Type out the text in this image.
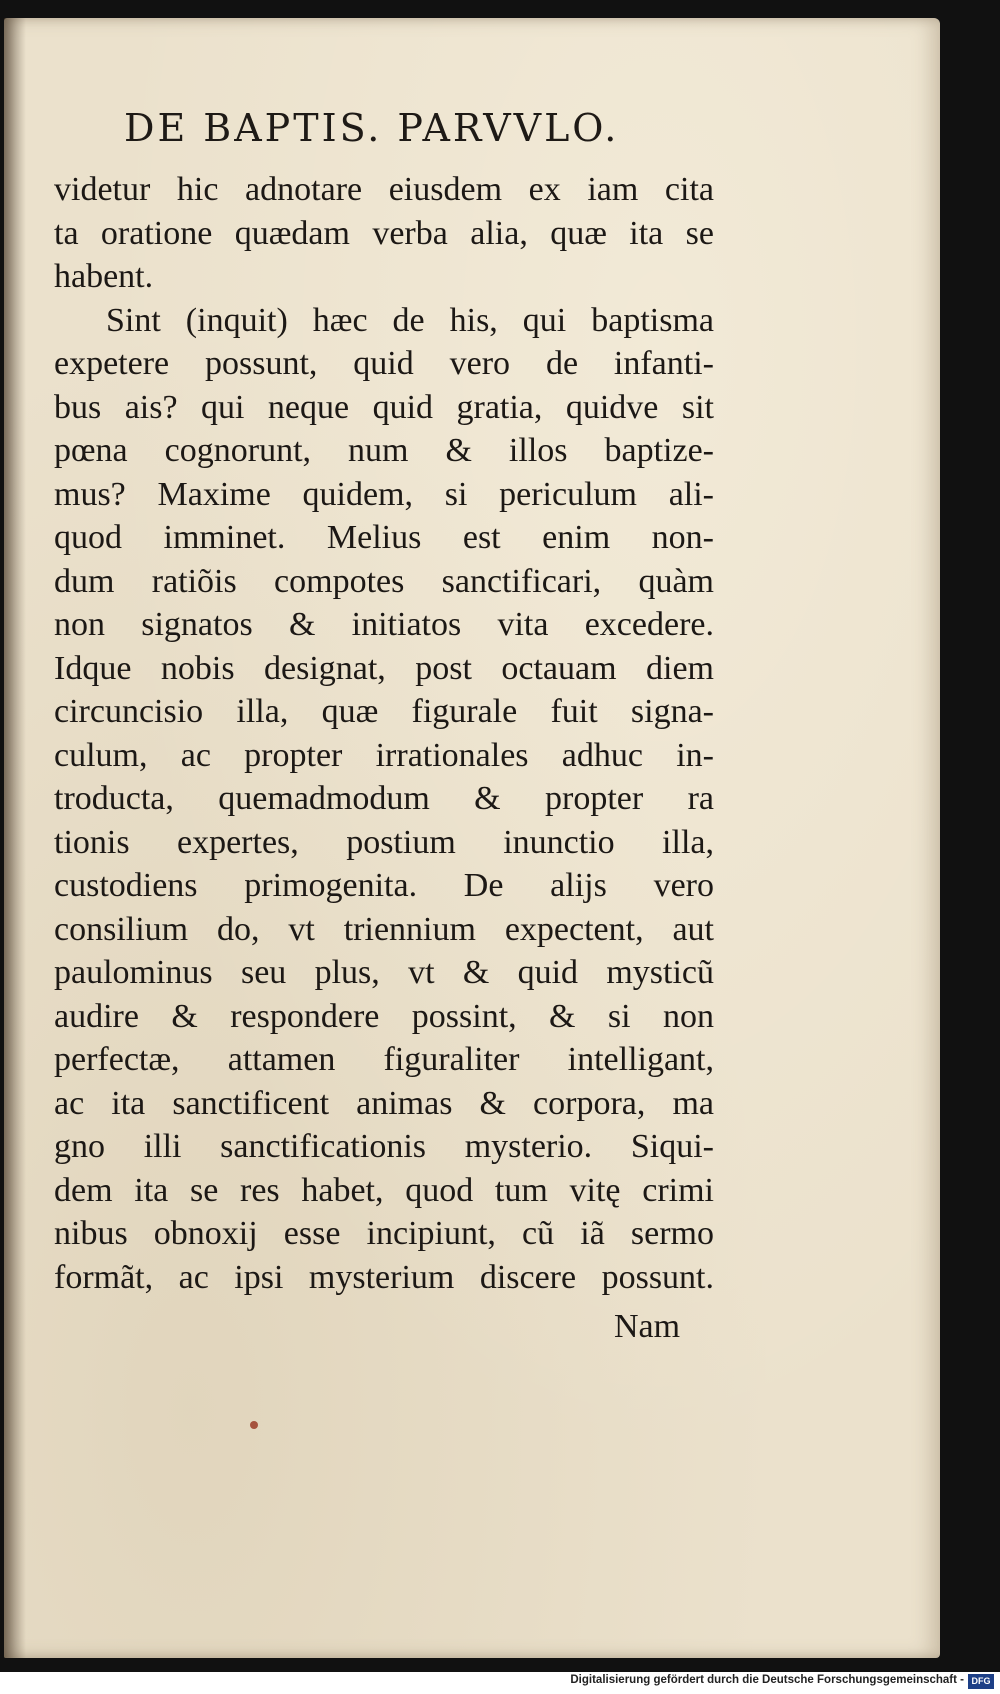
DE BAPTIS. PARVVLO.
videtur hic adnotare eiusdem ex iam cita
ta oratione quædam verba alia, quæ ita se
habent.
Sint (inquit) hæc de his, qui baptisma
expetere possunt, quid vero de infanti-
bus ais? qui neque quid gratia, quidve sit
pœna cognorunt, num & illos baptize-
mus? Maxime quidem, si periculum ali-
quod imminet. Melius est enim non-
dum ratiõis compotes sanctificari, quàm
non signatos & initiatos vita excedere.
Idque nobis designat, post octauam diem
circuncisio illa, quæ figurale fuit signa-
culum, ac propter irrationales adhuc in-
troducta, quemadmodum & propter ra
tionis expertes, postium inunctio illa,
custodiens primogenita. De alijs vero
consilium do, vt triennium expectent, aut
paulominus seu plus, vt & quid mysticũ
audire & respondere possint, & si non
perfectæ, attamen figuraliter intelligant,
ac ita sanctificent animas & corpora, ma
gno illi sanctificationis mysterio. Siqui-
dem ita se res habet, quod tum vitę crimi
nibus obnoxij esse incipiunt, cũ iã sermo
formãt, ac ipsi mysterium discere possunt.
Nam
Digitalisierung gefördert durch die Deutsche Forschungsgemeinschaft - DFG
